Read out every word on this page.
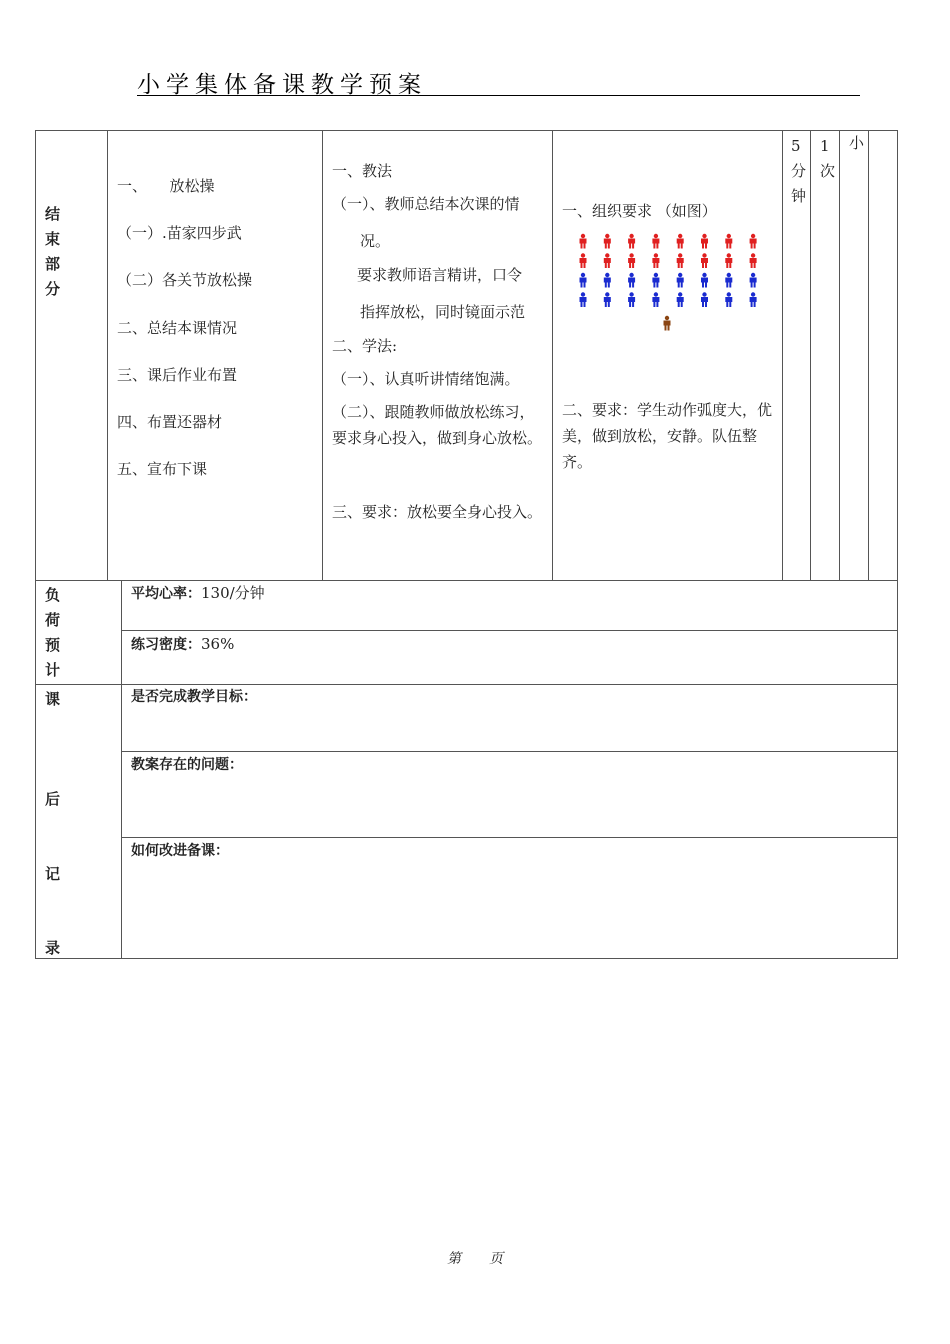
小学集体备课教学预案
结
束
部
分
一、　　放松操
（一）.苗家四步武
（二）各关节放松操
二、总结本课情况
三、课后作业布置
四、布置还器材
五、宣布下课
一、教法
（一）、教师总结本次课的情
况。
要求教师语言精讲，口令
指挥放松，同时镜面示范
二、学法:
（一）、认真听讲情绪饱满。
（二）、跟随教师做放松练习，要求身心投入，做到身心放松。
三、要求：放松要全身心投入。
一、组织要求 （如图）
二、要求：学生动作弧度大，优美，做到放松，安静。队伍整齐。
5
分
钟
1
次
小
负
荷
预
计
平均心率：130/分钟
练习密度：36%
课
后
记
录
是否完成教学目标：
教案存在的问题：
如何改进备课：
第　　页
